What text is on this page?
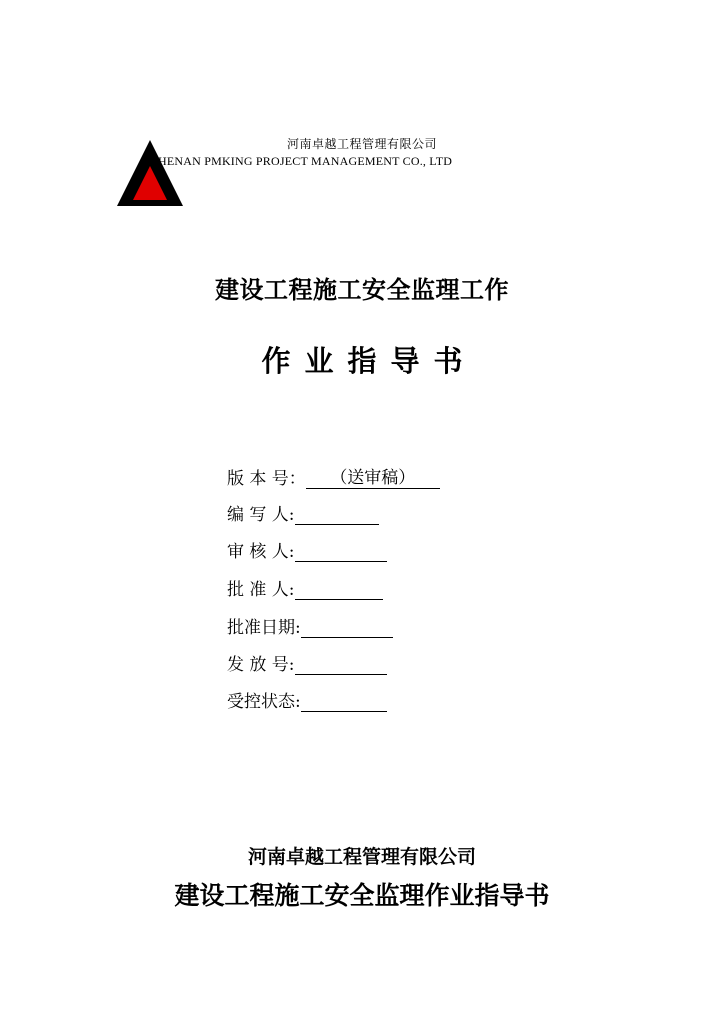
河南卓越工程管理有限公司
HENAN PMKING PROJECT MANAGEMENT CO., LTD
建设工程施工安全监理工作
作业指导书
版 本 号：	（送审稿）
编 写 人:
审 核 人:
批 准 人:
批准日期:
发 放 号:
受控状态:
河南卓越工程管理有限公司
建设工程施工安全监理作业指导书
